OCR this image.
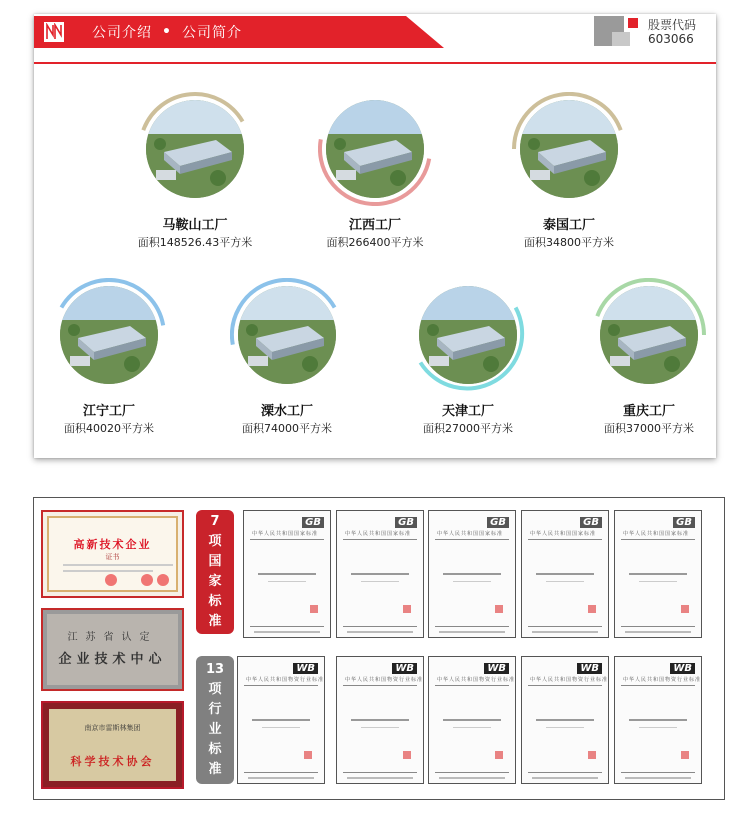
公司介绍 • 公司简介	股票代码
603066
马鞍山工厂
面积148526.43平方米
江西工厂
面积266400平方米
泰国工厂
面积34800平方米
江宁工厂
面积40020平方米
溧水工厂
面积74000平方米
天津工厂
面积27000平方米
重庆工厂
面积37000平方米
高新技术企业
证书
江苏省认定
企业技术中心
南京市雷斯林集团
科学技术协会
7
项
国
家
标
准
13
项
行
业
标
准
GB
中华人民共和国国家标准
GB
中华人民共和国国家标准
GB
中华人民共和国国家标准
GB
中华人民共和国国家标准
GB
中华人民共和国国家标准
WB
中华人民共和国物资行业标准
WB
中华人民共和国物资行业标准
WB
中华人民共和国物资行业标准
WB
中华人民共和国物资行业标准
WB
中华人民共和国物资行业标准
